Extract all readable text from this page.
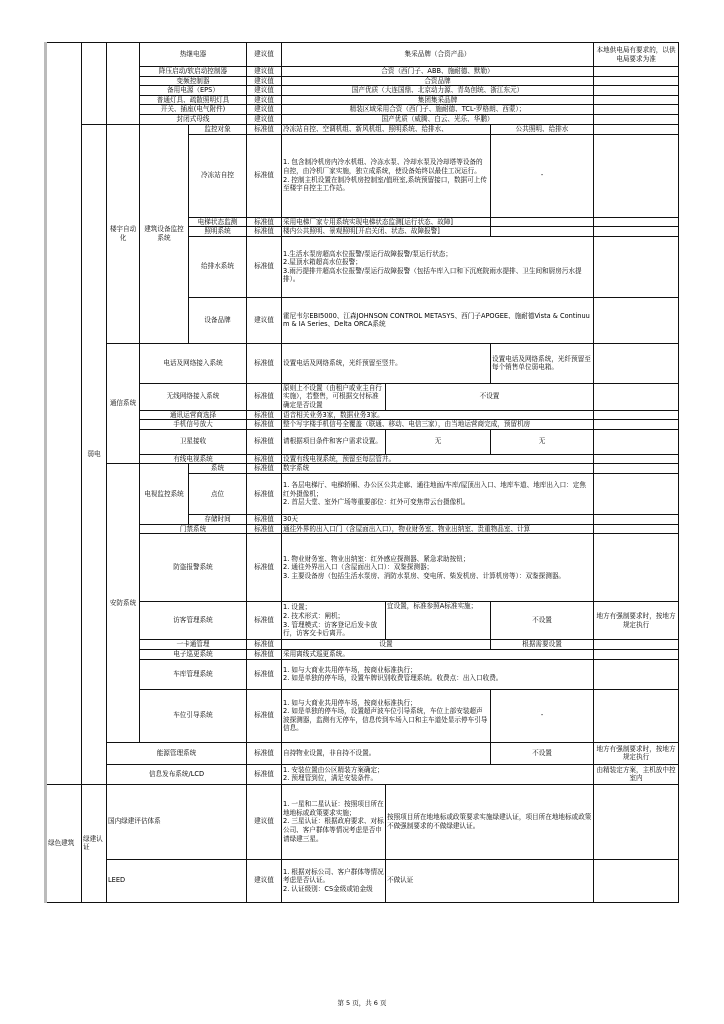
			热继电器		建议值	集采品牌（合资产品）			本地供电局有要求的，以供电局要求为准
			降压启动/软启动控制器		建议值	合资（西门子、ABB、施耐德、默勒）			
			变频控制器		建议值	合资品牌			
			备用电源（EPS）		建议值	国产优质（大连国鼎、北京动力源、青岛创统、浙江东元）			
			普通灯具、疏散照明灯具		建议值	集团集采品牌			
			开关、插座(电气附件)		建议值	精装区域采用合资（西门子、施耐德、TCL-罗格朗、西蒙）；			
			封闭式母线		建议值	国产优质（威腾、白云、光乐、华鹏）			
	弱电	楼宇自动化	建筑设备监控系统	监控对象	标准值	冷冻站自控、空调机组、新风机组、照明系统、给排水、		公共照明、给排水	
				冷冻站自控	标准值	1. 包含制冷机房内冷水机组、冷冻水泵、冷却水泵及冷却塔等设备的自控，由冷机厂家实施，独立成系统，使设备始终以最佳工况运行。
2. 控制主机设置在制冷机房控制室/值班室,系统预留接口，数据可上传至楼宇自控主工作站。		-	
				电梯状态监测	标准值	采用电梯厂家专用系统实现电梯状态监测[运行状态、故障]			
				照明系统	标准值	楼内公共照明、景观照明[开启关闭、状态、故障报警]			
				给排水系统	标准值	1.生活水泵房超高水位报警/泵运行故障报警/泵运行状态；
2.屋顶水箱超高水位报警；
3.雨污提排井超高水位报警/泵运行故障报警（包括车库入口和下沉庭院雨水提排、卫生间和厨房污水提排）。			
				设备品牌	建议值	霍尼韦尔EBI5000、江森JOHNSON CONTROL METASYS、西门子APOGEE、施耐德Vista & Continuum & IA Series、Delta ORCA系统			
		通信系统	电话及网络接入系统		标准值	设置电话及网络系统，光纤预留至竖井。		设置电话及网络系统，光纤预留至每个销售单位弱电箱。	
			无线网络接入系统		标准值	原则上不设置（由租户或业主自行实施），若整售，可根据交付标准确定是否设置	不设置		
			通讯运营商选择		标准值	语音相关业务3家，数据业务3家。			
			手机信号放大		标准值	整个写字楼手机信号全覆盖（联通、移动、电信三家），由当地运营商完成，预留机房			
			卫星接收		标准值	请根据项目条件和客户需求设置。	无	无	
			有线电视系统		标准值	设置有线电视系统，预留至每层管井。			
		安防系统	电视监控系统	系统	标准值	数字系统			
				点位	标准值	1. 各层电梯厅、电梯轿厢、办公区公共走廊、通往地面/车库/屋顶出入口、地库车道、地库出入口：定焦红外摄像机；
2. 首层大堂、室外广场等重要部位：红外可变焦带云台摄像机。			
				存储时间	标准值	30天			
			门禁系统		标准值	通往外界的出入口门（含屋面出入口），物业财务室、物业出纳室、贵重物品室、计算			
			防盗报警系统		标准值	1. 物业财务室、物业出纳室：红外感应探测器、紧急求助按钮；
2. 通往外界出入口（含屋面出入口）：双鉴探测器；
3. 主要设备房（包括生活水泵房、消防水泵房、变电所、柴发机房、计算机房等）：双鉴探测器。			
			访客管理系统		标准值	1. 设置；
2. 技术形式：闸机；
3. 管理模式：访客登记后发卡放行，访客交卡后离开。	宜设置，标准参照A标准实施；	不设置	地方有强制要求时，按地方规定执行
			一卡通管理		标准值	设置		根据需要设置	
			电子巡更系统		标准值	采用离线式巡更系统。			
			车库管理系统		标准值	1. 如与大商业共用停车场，按商业标准执行；
2. 如是单独的停车场，设置车牌识别收费管理系统。收费点：出入口收费。			
			车位引导系统		标准值	1. 如与大商业共用停车场，按商业标准执行；
2. 如是单独的停车场，设置超声波车位引导系统，车位上部安装超声波探测器，监测有无停车，信息传到车场入口和主车道处显示停车引导信息。		-	
		能源管理系统			标准值	自持物业设置，非自持不设置。		不设置	地方有强制要求时，按地方规定执行
		信息发布系统/LCD			标准值	1. 安装位置由公区精装方案确定；
2. 预埋管到位，满足安装条件。			由精装定方案，主机放中控室内
绿色建筑	绿建认证	国内绿建评估体系			建议值	1. 一星和二星认证：按照项目所在地地标或政策要求实施；
2. 三星认证：根据政府要求、对标公司、客户群体等情况考虑是否申请绿建三星。	按照项目所在地地标或政策要求实施绿建认证，项目所在地地标或政策不做强制要求的不做绿建认证。		
		LEED			建议值	1. 根据对标公司、客户群体等情况考虑是否认证。
2. 认证级别：CS金级或铂金级	不做认证		
第 5 页，共 6 页
